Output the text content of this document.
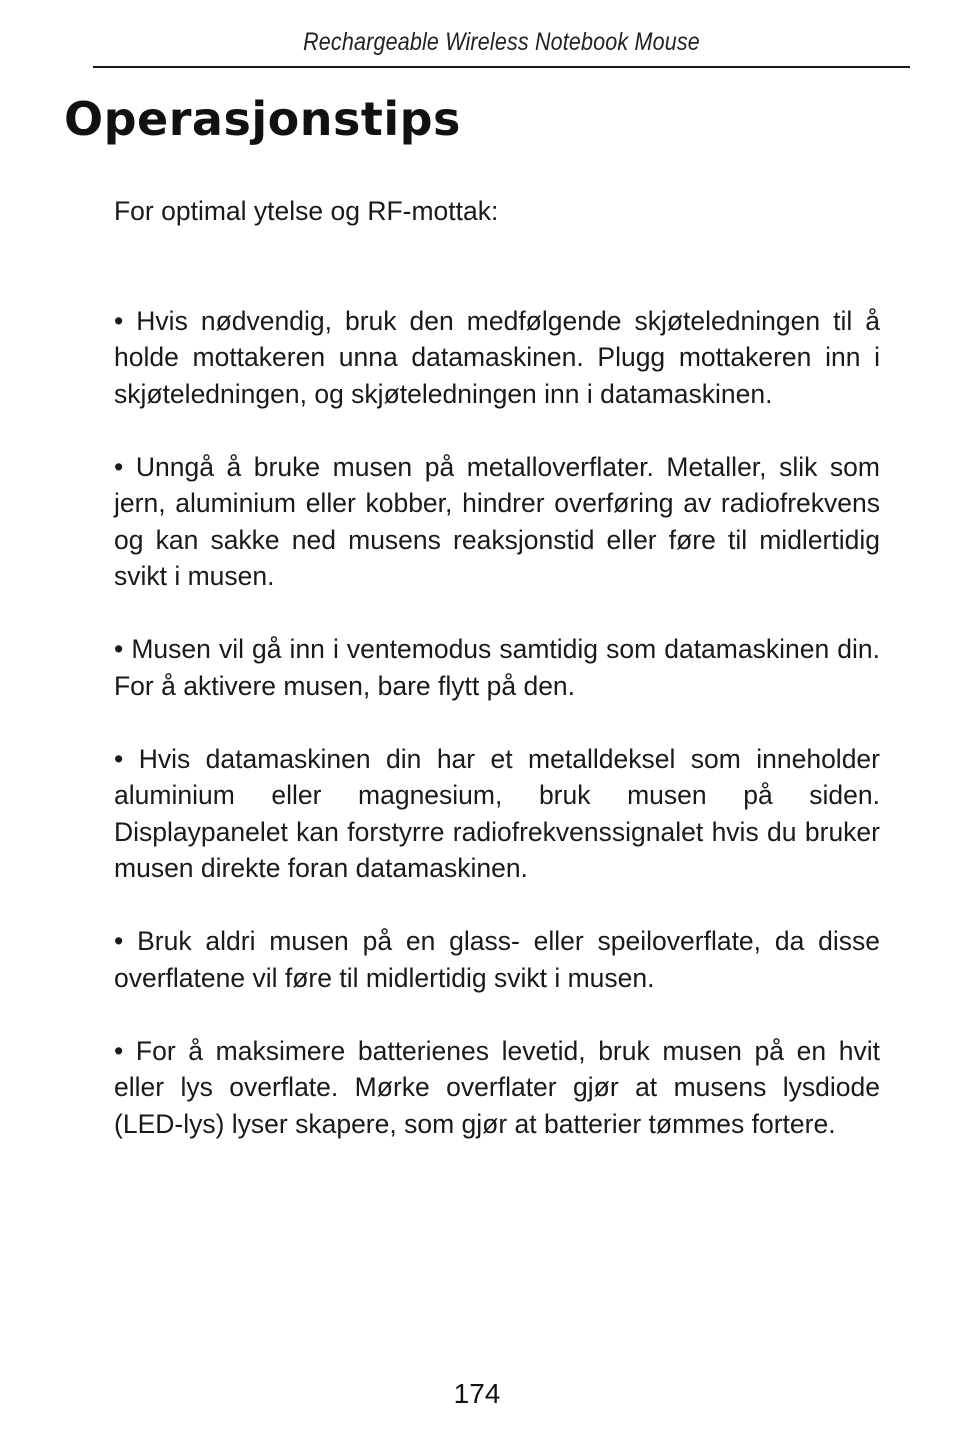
Rechargeable Wireless Notebook Mouse
Operasjonstips

For optimal ytelse og RF-mottak:

• Hvis nødvendig, bruk den medfølgende skjøteledningen til å holde mottakeren unna datamaskinen. Plugg mottakeren inn i skjøteledningen, og skjøteledningen inn i datamaskinen.

• Unngå å bruke musen på metalloverflater. Metaller, slik som jern, aluminium eller kobber, hindrer overføring av radiofrekvens og kan sakke ned musens reaksjonstid eller føre til midlertidig svikt i musen.

• Musen vil gå inn i ventemodus samtidig som datamaskinen din. For å aktivere musen, bare flytt på den.

• Hvis datamaskinen din har et metalldeksel som inneholder aluminium eller magnesium, bruk musen på siden. Displaypanelet kan forstyrre radiofrekvenssignalet hvis du bruker musen direkte foran datamaskinen.

• Bruk aldri musen på en glass- eller speiloverflate, da disse overflatene vil føre til midlertidig svikt i musen.

• For å maksimere batterienes levetid, bruk musen på en hvit eller lys overflate. Mørke overflater gjør at musens lysdiode (LED-lys) lyser skapere, som gjør at batterier tømmes fortere.

174
